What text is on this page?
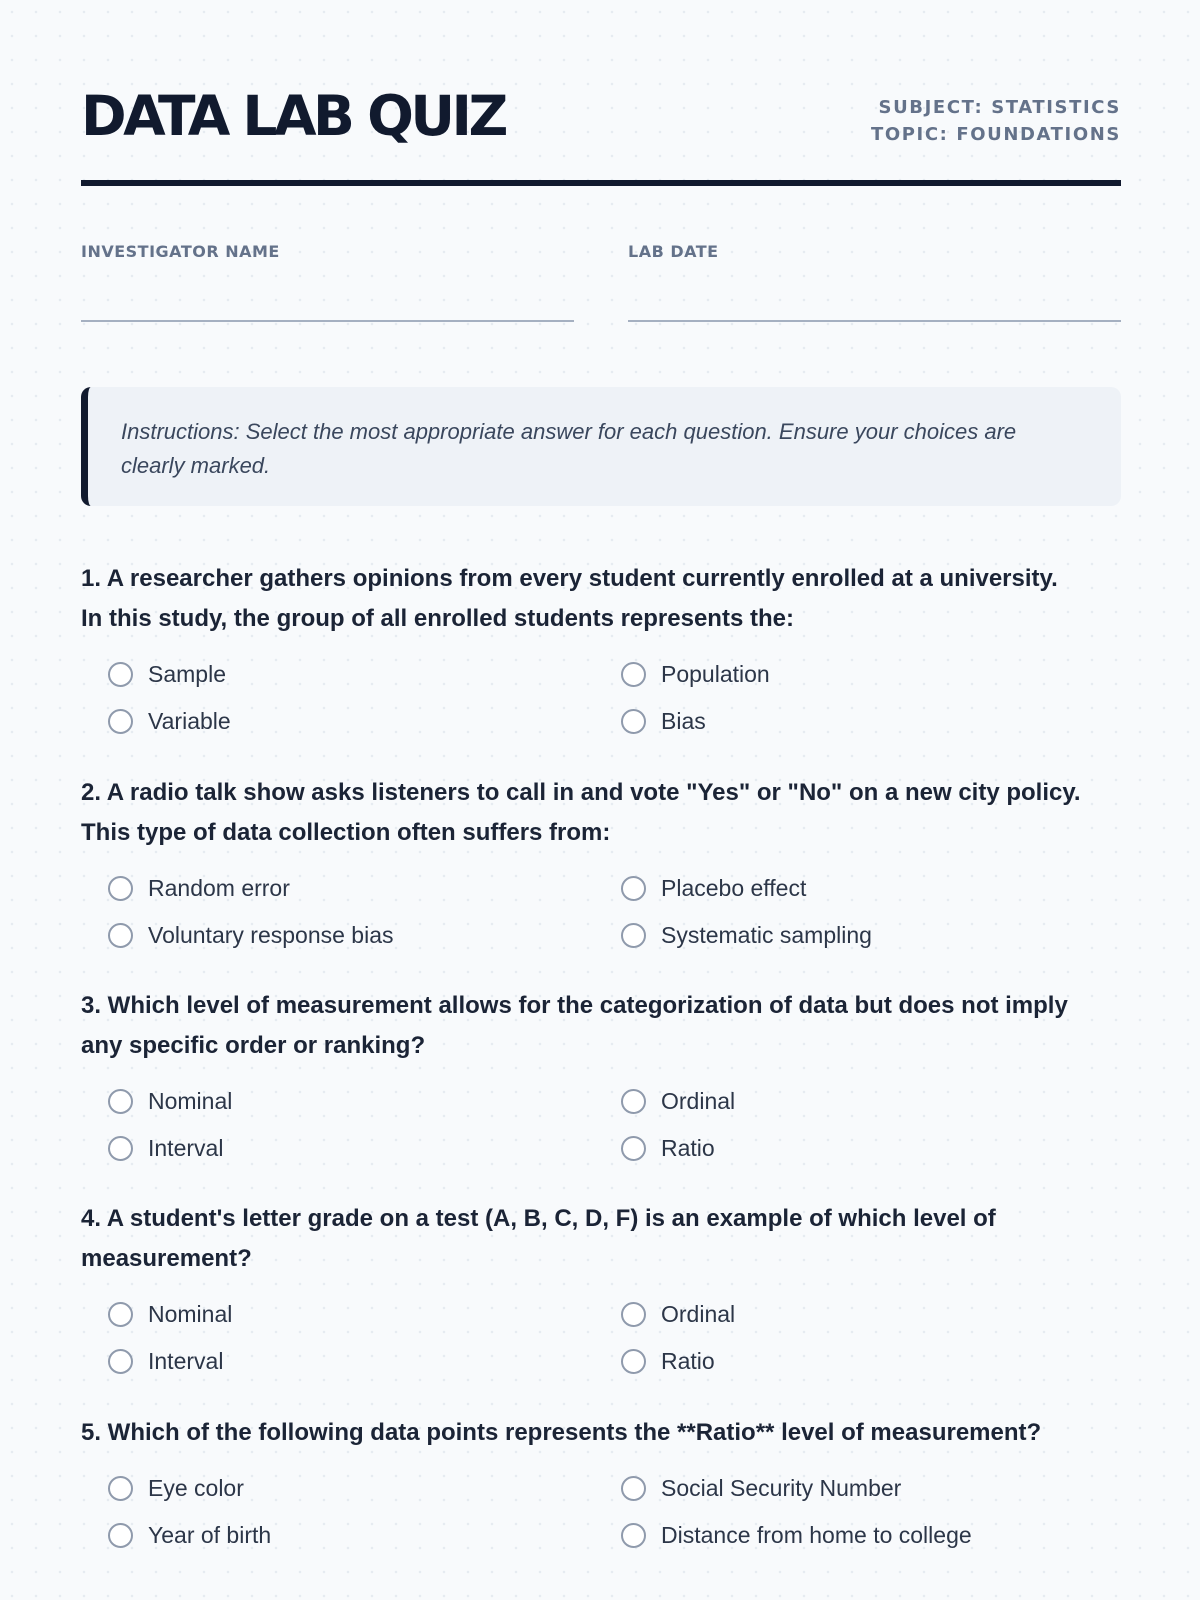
DATA LAB QUIZ	SUBJECT: STATISTICS
TOPIC: FOUNDATIONS
INVESTIGATOR NAME	LAB DATE
Instructions: Select the most appropriate answer for each question. Ensure your choices are clearly marked.
1. A researcher gathers opinions from every student currently enrolled at a university.
In this study, the group of all enrolled students represents the:
Sample	Population
Variable	Bias
2. A radio talk show asks listeners to call in and vote "Yes" or "No" on a new city policy.
This type of data collection often suffers from:
Random error	Placebo effect
Voluntary response bias	Systematic sampling
3. Which level of measurement allows for the categorization of data but does not imply
any specific order or ranking?
Nominal	Ordinal
Interval	Ratio
4. A student's letter grade on a test (A, B, C, D, F) is an example of which level of
measurement?
Nominal	Ordinal
Interval	Ratio
5. Which of the following data points represents the **Ratio** level of measurement?
Eye color	Social Security Number
Year of birth	Distance from home to college
